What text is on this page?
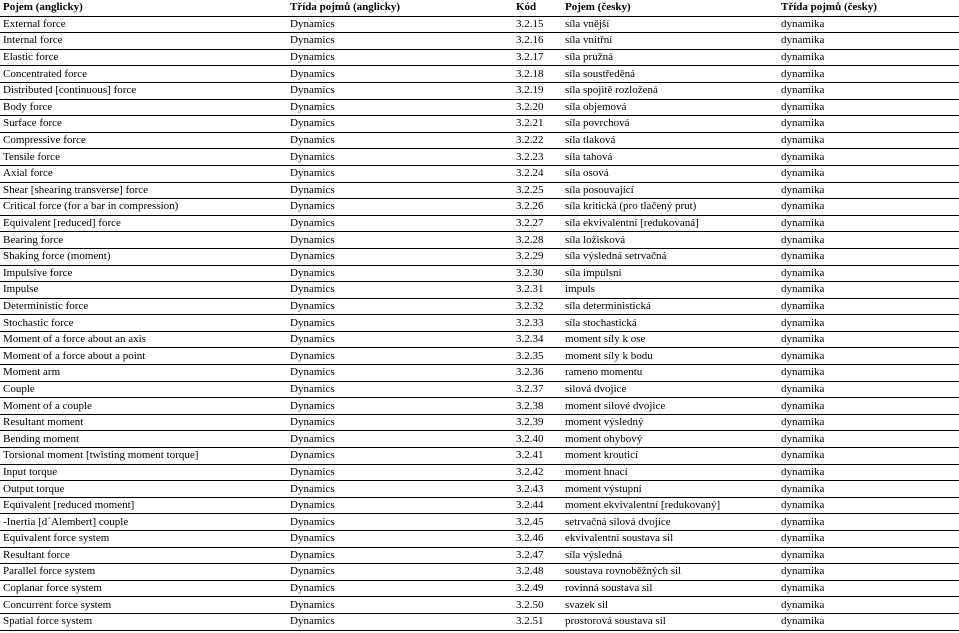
Pojem (anglicky)	Třída pojmů (anglicky)	Kód	Pojem (česky)	Třída pojmů (česky)
External force	Dynamics	3.2.15	síla vnější	dynamika
Internal force	Dynamics	3.2.16	síla vnitřní	dynamika
Elastic force	Dynamics	3.2.17	síla pružná	dynamika
Concentrated force	Dynamics	3.2.18	síla soustředěná	dynamika
Distributed [continuous] force	Dynamics	3.2.19	síla spojitě rozložená	dynamika
Body force	Dynamics	3.2.20	síla objemová	dynamika
Surface force	Dynamics	3.2.21	síla povrchová	dynamika
Compressive force	Dynamics	3.2.22	síla tlaková	dynamika
Tensile force	Dynamics	3.2.23	síla tahová	dynamika
Axial force	Dynamics	3.2.24	síla osová	dynamika
Shear [shearing transverse] force	Dynamics	3.2.25	síla posouvající	dynamika
Critical force (for a bar in compression)	Dynamics	3.2.26	síla kritická (pro tlačený prut)	dynamika
Equivalent [reduced] force	Dynamics	3.2.27	síla ekvivalentní [redukovaná]	dynamika
Bearing force	Dynamics	3.2.28	síla ložisková	dynamika
Shaking force (moment)	Dynamics	3.2.29	síla výsledná setrvačná	dynamika
Impulsive force	Dynamics	3.2.30	síla impulsní	dynamika
Impulse	Dynamics	3.2.31	impuls	dynamika
Deterministic force	Dynamics	3.2.32	síla deterministická	dynamika
Stochastic force	Dynamics	3.2.33	síla stochastická	dynamika
Moment of a force about an axis	Dynamics	3.2.34	moment síly k ose	dynamika
Moment of a force about a point	Dynamics	3.2.35	moment síly k bodu	dynamika
Moment arm	Dynamics	3.2.36	rameno momentu	dynamika
Couple	Dynamics	3.2.37	silová dvojice	dynamika
Moment of a couple	Dynamics	3.2.38	moment silové dvojice	dynamika
Resultant moment	Dynamics	3.2.39	moment výsledný	dynamika
Bending moment	Dynamics	3.2.40	moment ohybový	dynamika
Torsional moment [twisting moment torque]	Dynamics	3.2.41	moment krouticí	dynamika
Input torque	Dynamics	3.2.42	moment hnací	dynamika
Output torque	Dynamics	3.2.43	moment výstupní	dynamika
Equivalent [reduced moment]	Dynamics	3.2.44	moment ekvivalentní [redukovaný]	dynamika
-Inertia [d´Alembert] couple	Dynamics	3.2.45	setrvačná silová dvojice	dynamika
Equivalent force system	Dynamics	3.2.46	ekvivalentní soustava sil	dynamika
Resultant force	Dynamics	3.2.47	síla výsledná	dynamika
Parallel force system	Dynamics	3.2.48	soustava rovnoběžných sil	dynamika
Coplanar force system	Dynamics	3.2.49	rovinná soustava sil	dynamika
Concurrent force system	Dynamics	3.2.50	svazek sil	dynamika
Spatial force system	Dynamics	3.2.51	prostorová soustava sil	dynamika
